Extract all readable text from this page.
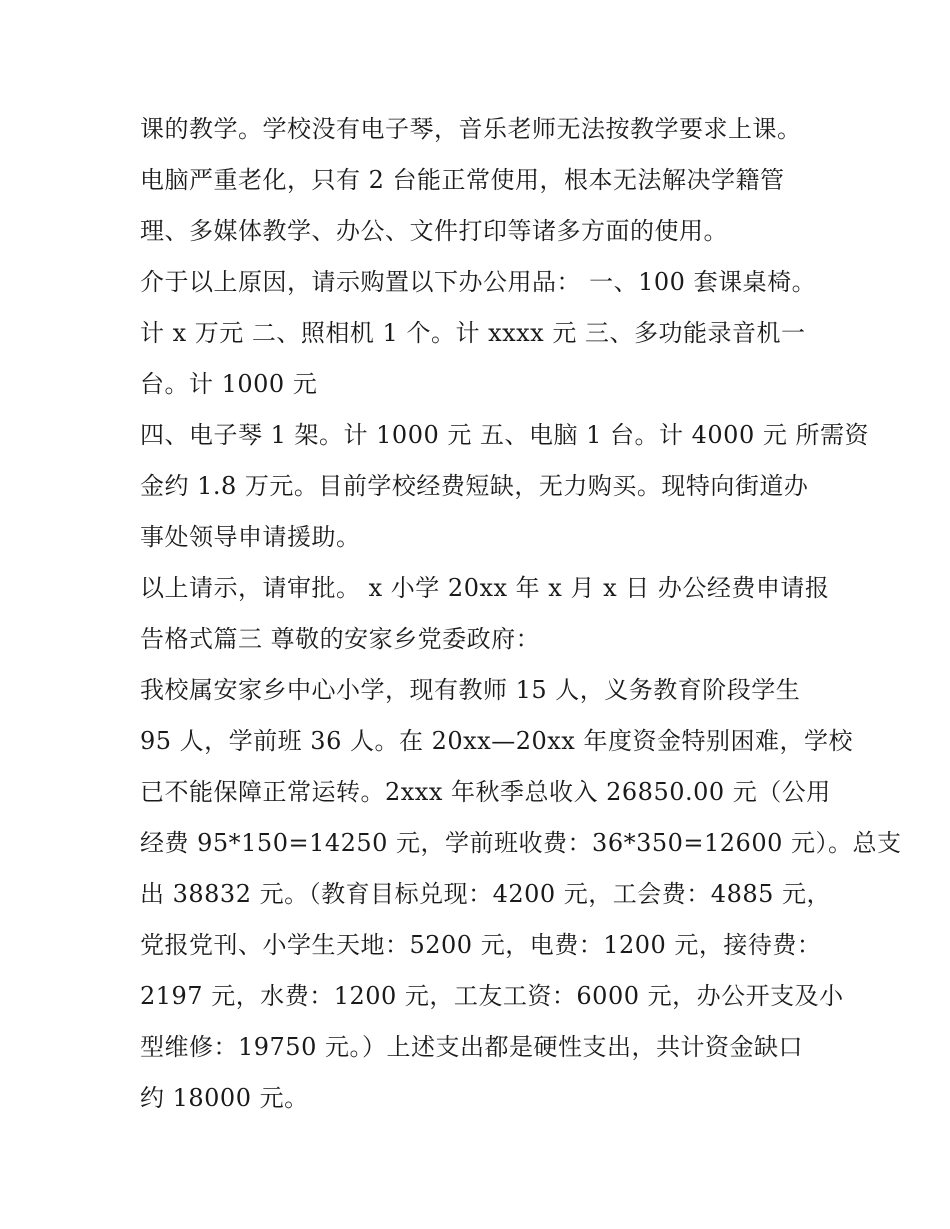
课的教学。学校没有电子琴，音乐老师无法按教学要求上课。
电脑严重老化，只有 2 台能正常使用，根本无法解决学籍管
理、多媒体教学、办公、文件打印等诸多方面的使用。
介于以上原因，请示购置以下办公用品： 一、100 套课桌椅。
计 x 万元 二、照相机 1 个。计 xxxx 元 三、多功能录音机一
台。计 1000 元
四、电子琴 1 架。计 1000 元 五、电脑 1 台。计 4000 元 所需资
金约 1.8 万元。目前学校经费短缺，无力购买。现特向街道办
事处领导申请援助。
以上请示，请审批。 x 小学 20xx 年 x 月 x 日 办公经费申请报
告格式篇三 尊敬的安家乡党委政府：
我校属安家乡中心小学，现有教师 15 人，义务教育阶段学生
95 人，学前班 36 人。在 20xx—20xx 年度资金特别困难，学校
已不能保障正常运转。2xxx 年秋季总收入 26850.00 元（公用
经费 95*150=14250 元，学前班收费：36*350=12600 元）。总支
出 38832 元。（教育目标兑现：4200 元，工会费：4885 元，
党报党刊、小学生天地：5200 元，电费：1200 元，接待费：
2197 元，水费：1200 元，工友工资：6000 元，办公开支及小
型维修：19750 元。）上述支出都是硬性支出，共计资金缺口
约 18000 元。
